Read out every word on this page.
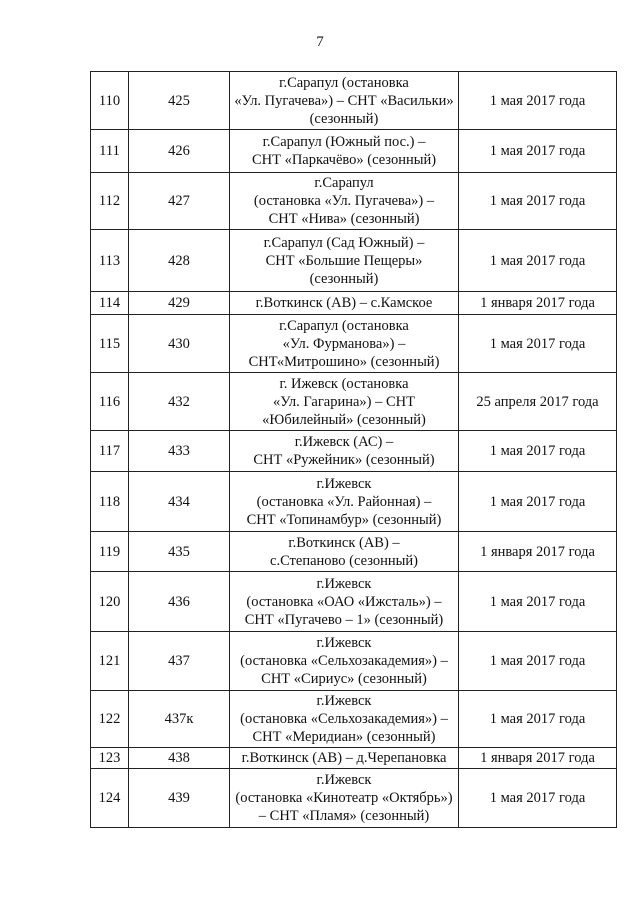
7
110	425	г.Сарапул (остановка
«Ул. Пугачева») – СНТ «Васильки»
(сезонный)	1 мая 2017 года
111	426	г.Сарапул (Южный пос.) –
СНТ «Паркачёво» (сезонный)	1 мая 2017 года
112	427	г.Сарапул
(остановка «Ул. Пугачева») –
СНТ «Нива» (сезонный)	1 мая 2017 года
113	428	г.Сарапул (Сад Южный) –
СНТ «Большие Пещеры»
(сезонный)	1 мая 2017 года
114	429	г.Воткинск (АВ) – с.Камское	1 января 2017 года
115	430	г.Сарапул (остановка
«Ул. Фурманова») –
СНТ«Митрошино» (сезонный)	1 мая 2017 года
116	432	г. Ижевск (остановка
«Ул. Гагарина») – СНТ
«Юбилейный» (сезонный)	25 апреля 2017 года
117	433	г.Ижевск (АС) –
СНТ «Ружейник» (сезонный)	1 мая 2017 года
118	434	г.Ижевск
(остановка «Ул. Районная) –
СНТ «Топинамбур» (сезонный)	1 мая 2017 года
119	435	г.Воткинск (АВ) –
с.Степаново (сезонный)	1 января 2017 года
120	436	г.Ижевск
(остановка «ОАО «Ижсталь») –
СНТ «Пугачево – 1» (сезонный)	1 мая 2017 года
121	437	г.Ижевск
(остановка «Сельхозакадемия») –
СНТ «Сириус» (сезонный)	1 мая 2017 года
122	437к	г.Ижевск
(остановка «Сельхозакадемия») –
СНТ «Меридиан» (сезонный)	1 мая 2017 года
123	438	г.Воткинск (АВ) – д.Черепановка	1 января 2017 года
124	439	г.Ижевск
(остановка «Кинотеатр «Октябрь»)
– СНТ «Пламя» (сезонный)	1 мая 2017 года
